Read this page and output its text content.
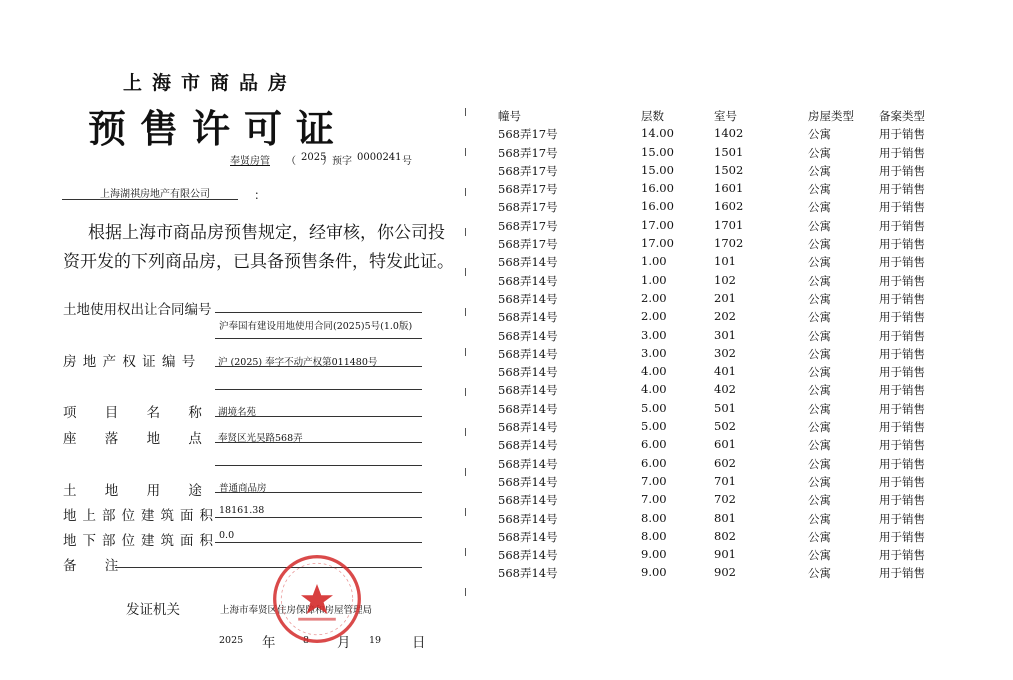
上海市商品房
预售许可证
奉贤房管 （ 2025
）预字 0000241 号
上海湖祺房地产有限公司	：
根据上海市商品房预售规定，经审核，你公司投
资开发的下列商品房，已具备预售条件，特发此证。
土地使用权出让合同编号
沪奉国有建设用地使用合同(2025)5号(1.0版)
房 地 产 权 证 编 号 沪 (2025) 奉字不动产权第011480号
项 目 名 称 湖境名苑
座 落 地 点 奉贤区光昊路568弄
土 地 用 途 普通商品房
地上部位建筑面积 18161.38
地下部位建筑面积 0.0
备 注
发证机关	上海市奉贤区住房保障和房屋管理局
2025 年	8 月 19 日
幢号	层数	室号	房屋类型 备案类型
568弄17号	14.00	1402	公寓	用于销售
568弄17号	15.00	1501	公寓	用于销售
568弄17号	15.00	1502	公寓	用于销售
568弄17号	16.00	1601	公寓	用于销售
568弄17号	16.00	1602	公寓	用于销售
568弄17号	17.00	1701	公寓	用于销售
568弄17号	17.00	1702	公寓	用于销售
568弄14号	1.00	101	公寓	用于销售
568弄14号	1.00	102	公寓	用于销售
568弄14号	2.00	201	公寓	用于销售
568弄14号	2.00	202	公寓	用于销售
568弄14号	3.00	301	公寓	用于销售
568弄14号	3.00	302	公寓	用于销售
568弄14号	4.00	401	公寓	用于销售
568弄14号	4.00	402	公寓	用于销售
568弄14号	5.00	501	公寓	用于销售
568弄14号	5.00	502	公寓	用于销售
568弄14号	6.00	601	公寓	用于销售
568弄14号	6.00	602	公寓	用于销售
568弄14号	7.00	701	公寓	用于销售
568弄14号	7.00	702	公寓	用于销售
568弄14号	8.00	801	公寓	用于销售
568弄14号	8.00	802	公寓	用于销售
568弄14号	9.00	901	公寓	用于销售
568弄14号	9.00	902	公寓	用于销售
